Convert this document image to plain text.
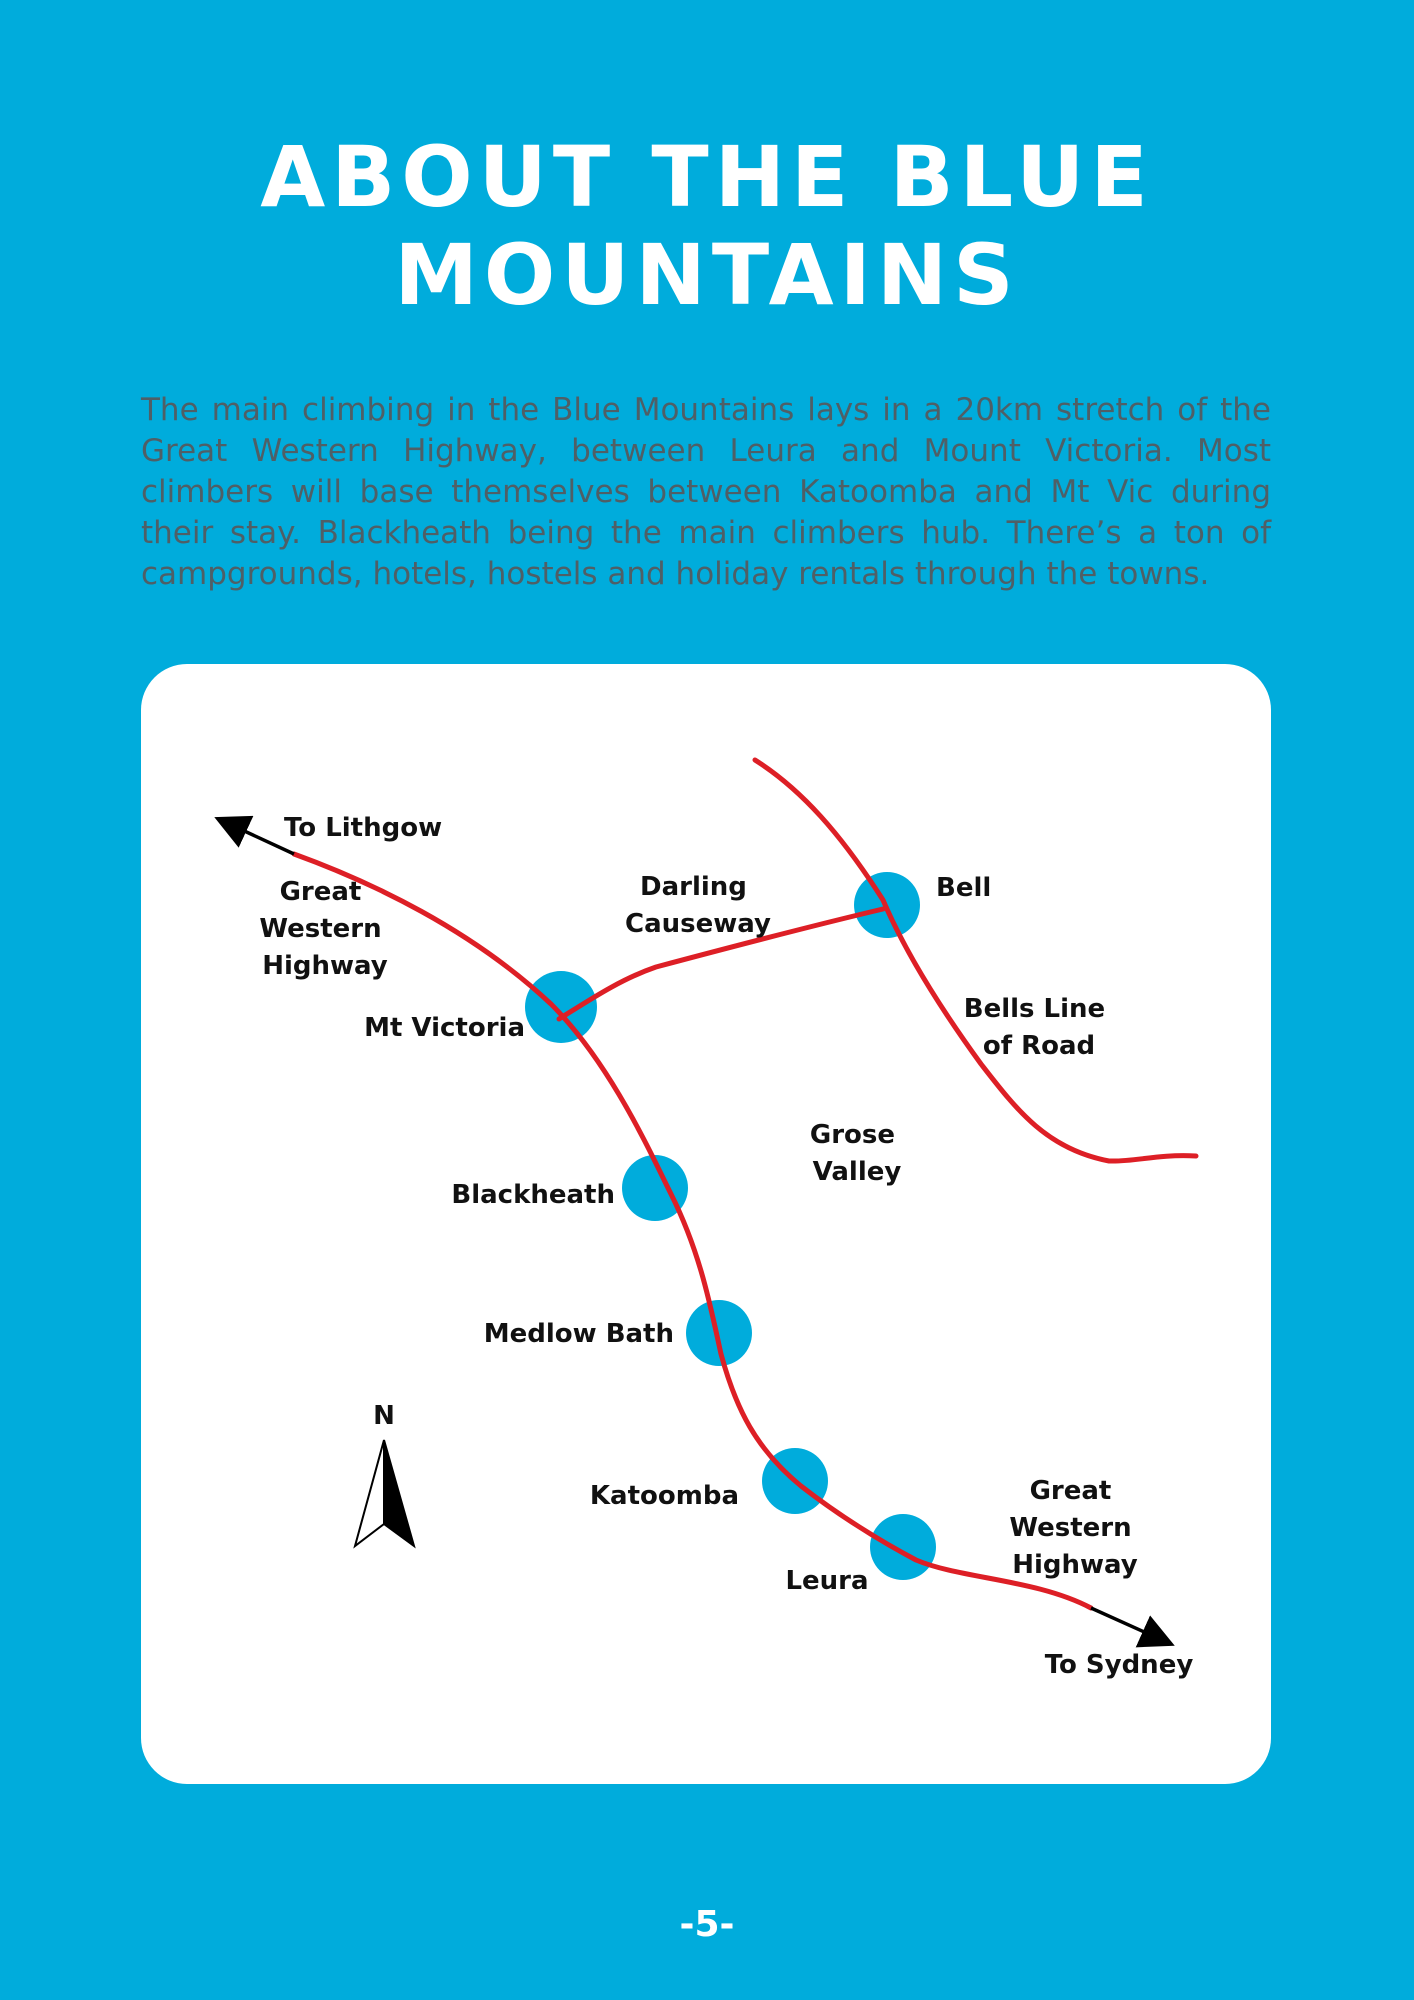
ABOUT THE BLUE
MOUNTAINS

The main climbing in the Blue Mountains lays in a 20km stretch of the Great Western Highway, between Leura and Mount Victoria. Most climbers will base themselves between Katoomba and Mt Vic during their stay. Blackheath being the main climbers hub. There’s a ton of campgrounds, hotels, hostels and holiday rentals through the towns.

N
To Lithgow
To Sydney
Great Western Highway
Darling Causeway
Bells Line of Road
Great Western Highway
Grose Valley
Mt Victoria
Bell
Blackheath
Medlow Bath
Katoomba
Leura
-5-
